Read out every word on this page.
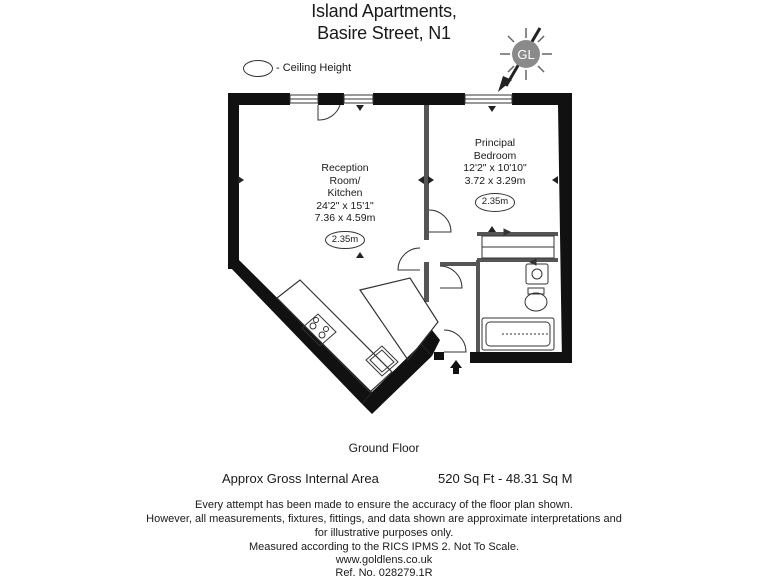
Island Apartments,
Basire Street, N1
- Ceiling Height
GL
Reception
Room/
Kitchen
24'2" x 15'1"
7.36 x 4.59m
2.35m
Principal
Bedroom
12'2" x 10'10"
3.72 x 3.29m
2.35m
Ground Floor
Approx Gross Internal Area	520 Sq Ft - 48.31 Sq M
Every attempt has been made to ensure the accuracy of the floor plan shown.
However, all measurements, fixtures, fittings, and data shown are approximate interpretations and
for illustrative purposes only.
Measured according to the RICS IPMS 2. Not To Scale.
www.goldlens.co.uk
Ref. No. 028279.1R
